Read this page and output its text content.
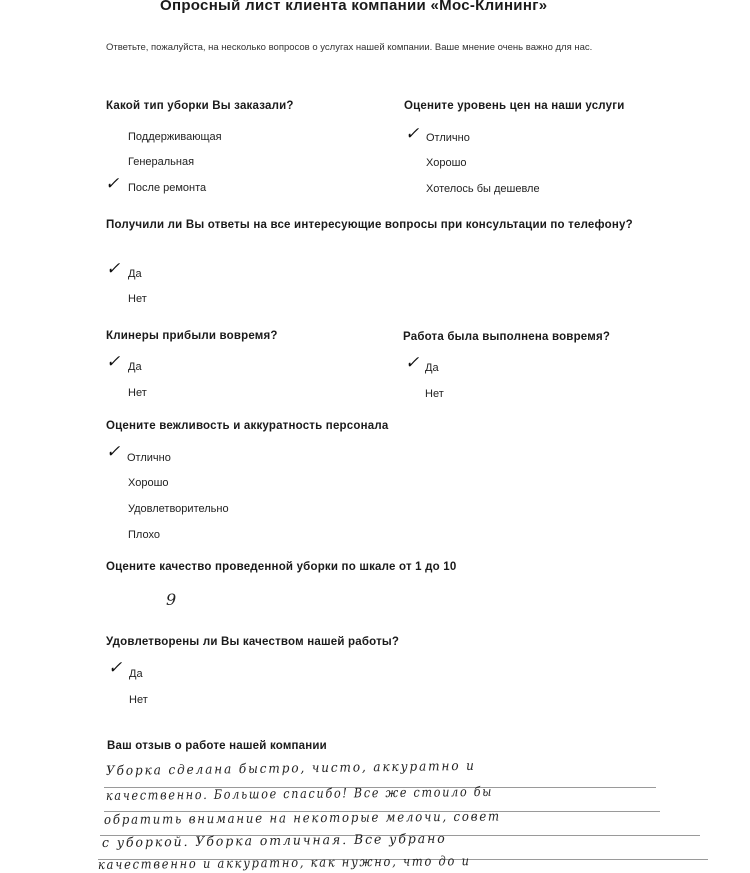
Опросный лист клиента компании «Мос-Клининг»
Ответьте, пожалуйста, на несколько вопросов о услугах нашей компании. Ваше мнение очень важно для нас.
Какой тип уборки Вы заказали?
Поддерживающая
Генеральная
✓ После ремонта
Оцените уровень цен на наши услуги
✓ Отлично
Хорошо
Хотелось бы дешевле
Получили ли Вы ответы на все интересующие вопросы при консультации по телефону?
✓ Да
Нет
Клинеры прибыли вовремя?
✓ Да
Нет
Работа была выполнена вовремя?
✓ Да
Нет
Оцените вежливость и аккуратность персонала
✓ Отлично
Хорошо
Удовлетворительно
Плохо
Оцените качество проведенной уборки по шкале от 1 до 10
9
Удовлетворены ли Вы качеством нашей работы?
✓ Да
Нет
Ваш отзыв о работе нашей компании
Уборка сделана быстро, чисто, аккуратно и
качественно. Большое спасибо! Все же стоило бы
обратить внимание на некоторые мелочи, совет
с уборкой. Уборка отличная. Все убрано
качественно и аккуратно, как нужно, что до и
